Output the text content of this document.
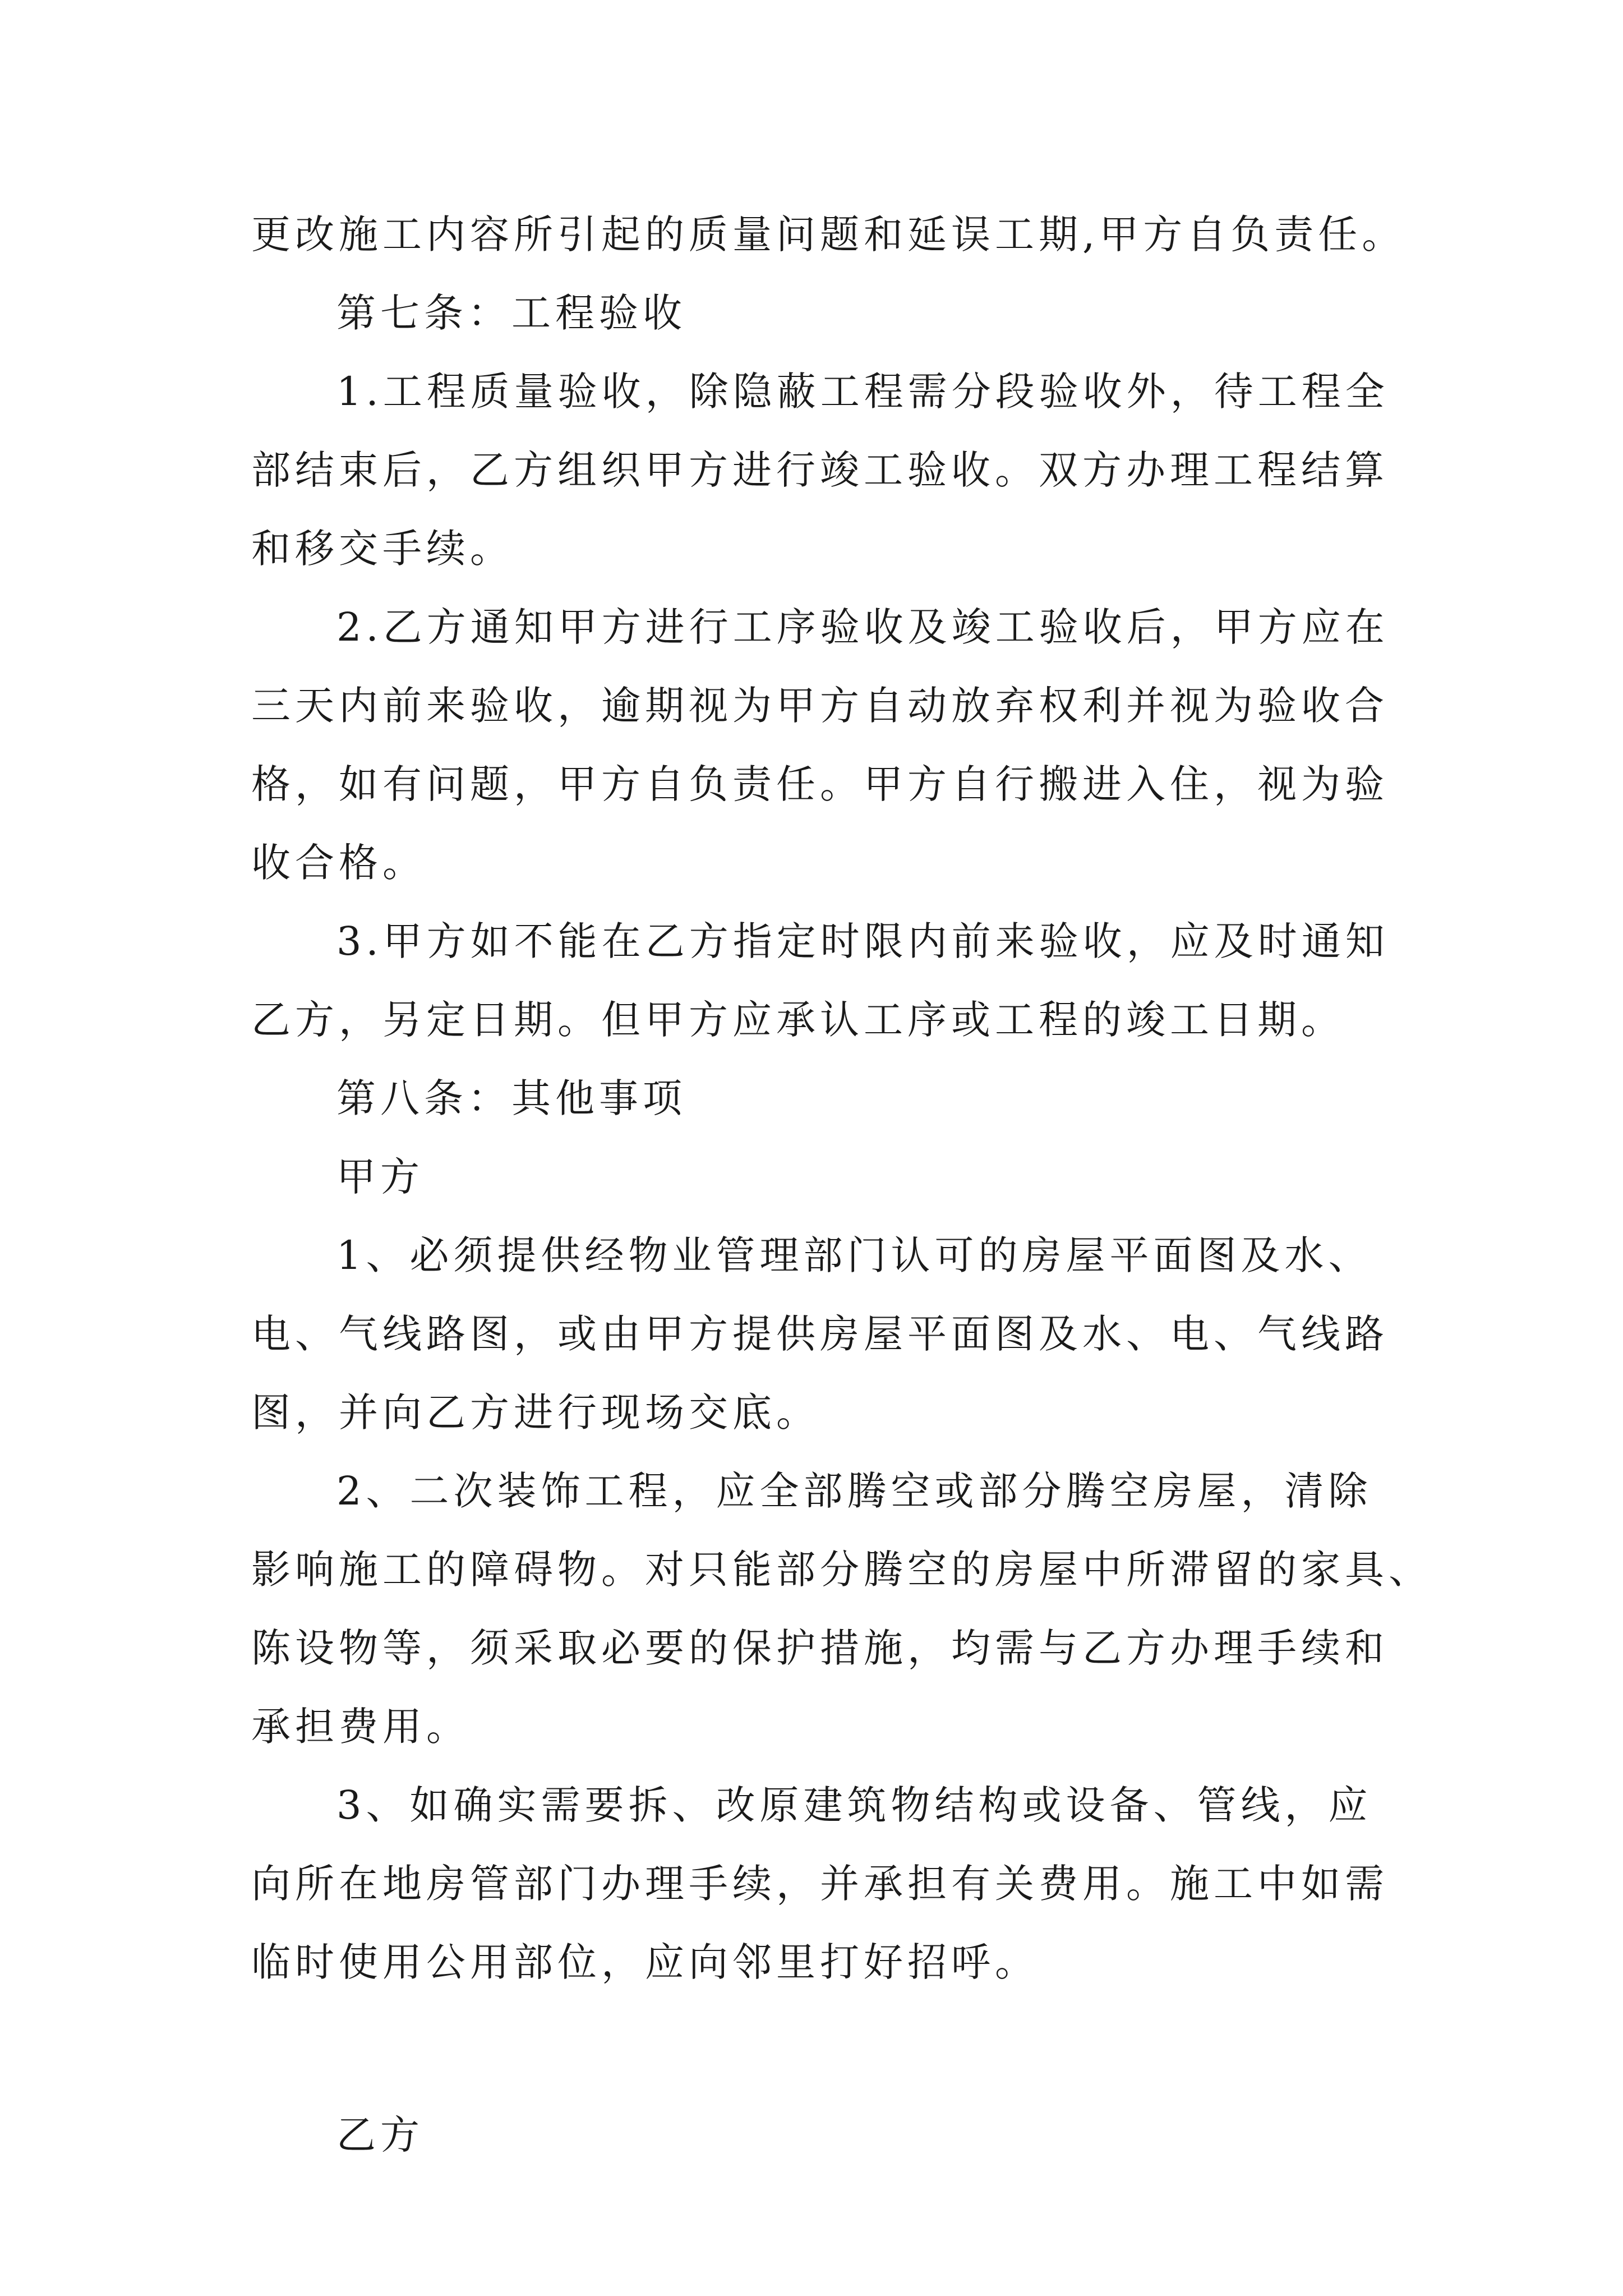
更改施工内容所引起的质量问题和延误工期,甲方自负责任。
第七条：工程验收
1.工程质量验收，除隐蔽工程需分段验收外，待工程全
部结束后，乙方组织甲方进行竣工验收。双方办理工程结算
和移交手续。
2.乙方通知甲方进行工序验收及竣工验收后，甲方应在
三天内前来验收，逾期视为甲方自动放弃权利并视为验收合
格，如有问题，甲方自负责任。甲方自行搬进入住，视为验
收合格。
3.甲方如不能在乙方指定时限内前来验收，应及时通知
乙方，另定日期。但甲方应承认工序或工程的竣工日期。
第八条：其他事项
甲方
1、必须提供经物业管理部门认可的房屋平面图及水、
电、气线路图，或由甲方提供房屋平面图及水、电、气线路
图，并向乙方进行现场交底。
2、二次装饰工程，应全部腾空或部分腾空房屋，清除
影响施工的障碍物。对只能部分腾空的房屋中所滞留的家具、
陈设物等，须采取必要的保护措施，均需与乙方办理手续和
承担费用。
3、如确实需要拆、改原建筑物结构或设备、管线，应
向所在地房管部门办理手续，并承担有关费用。施工中如需
临时使用公用部位，应向邻里打好招呼。
乙方
